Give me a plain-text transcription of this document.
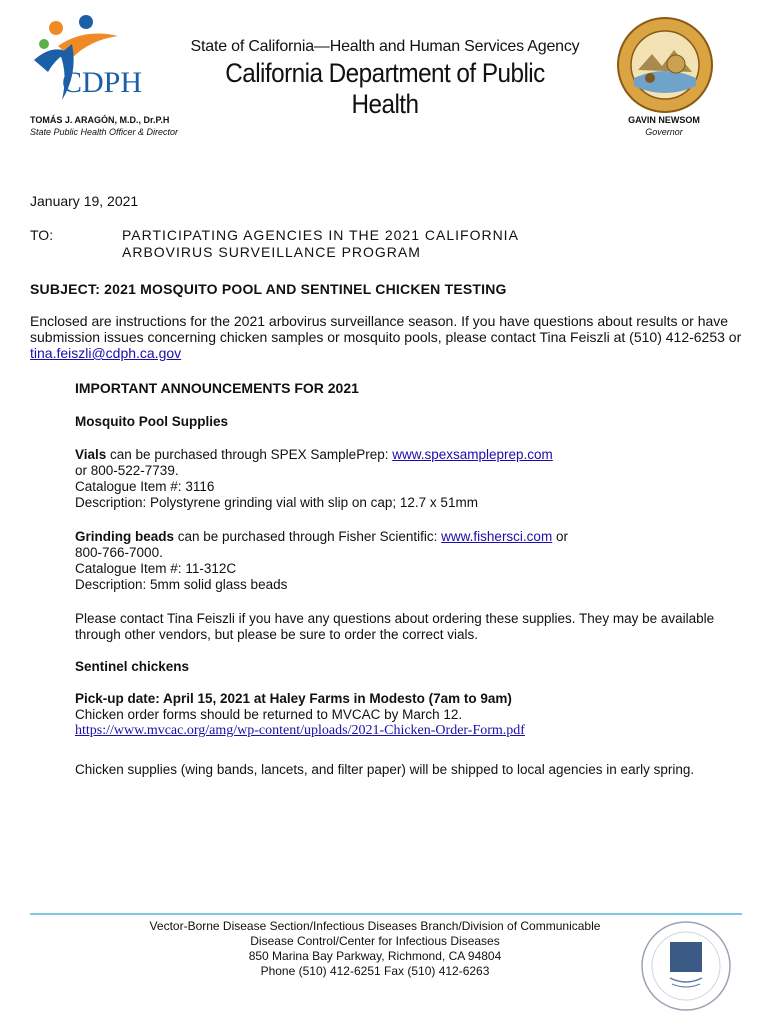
CDPH
State of California—Health and Human Services Agency
California Department of Public Health
TOMÁS J. ARAGÓN, M.D., Dr.P.H
State Public Health Officer & Director
GAVIN NEWSOM
Governor
January 19, 2021
TO:	PARTICIPATING AGENCIES IN THE 2021 CALIFORNIA
ARBOVIRUS SURVEILLANCE PROGRAM
SUBJECT: 2021 MOSQUITO POOL AND SENTINEL CHICKEN TESTING
Enclosed are instructions for the 2021 arbovirus surveillance season. If you have questions about results or have submission issues concerning chicken samples or mosquito pools, please contact Tina Feiszli at (510) 412-6253 or tina.feiszli@cdph.ca.gov
IMPORTANT ANNOUNCEMENTS FOR 2021
Mosquito Pool Supplies

Vials can be purchased through SPEX SamplePrep: www.spexsampleprep.com

or 800-522-7739.

Catalogue Item #: 3116

Description: Polystyrene grinding vial with slip on cap; 12.7 x 51mm

Grinding beads can be purchased through Fisher Scientific: www.fishersci.com or

800-766-7000.

Catalogue Item #: 11-312C

Description: 5mm solid glass beads

Please contact Tina Feiszli if you have any questions about ordering these supplies. They may be available through other vendors, but please be sure to order the correct vials.
Sentinel chickens

Pick-up date: April 15, 2021 at Haley Farms in Modesto (7am to 9am)

Chicken order forms should be returned to MVCAC by March 12.

https://www.mvcac.org/amg/wp-content/uploads/2021-Chicken-Order-Form.pdf

Chicken supplies (wing bands, lancets, and filter paper) will be shipped to local agencies in early spring.
Vector-Borne Disease Section/Infectious Diseases Branch/Division of Communicable
Disease Control/Center for Infectious Diseases
850 Marina Bay Parkway, Richmond, CA 94804
Phone (510) 412-6251 Fax (510) 412-6263
